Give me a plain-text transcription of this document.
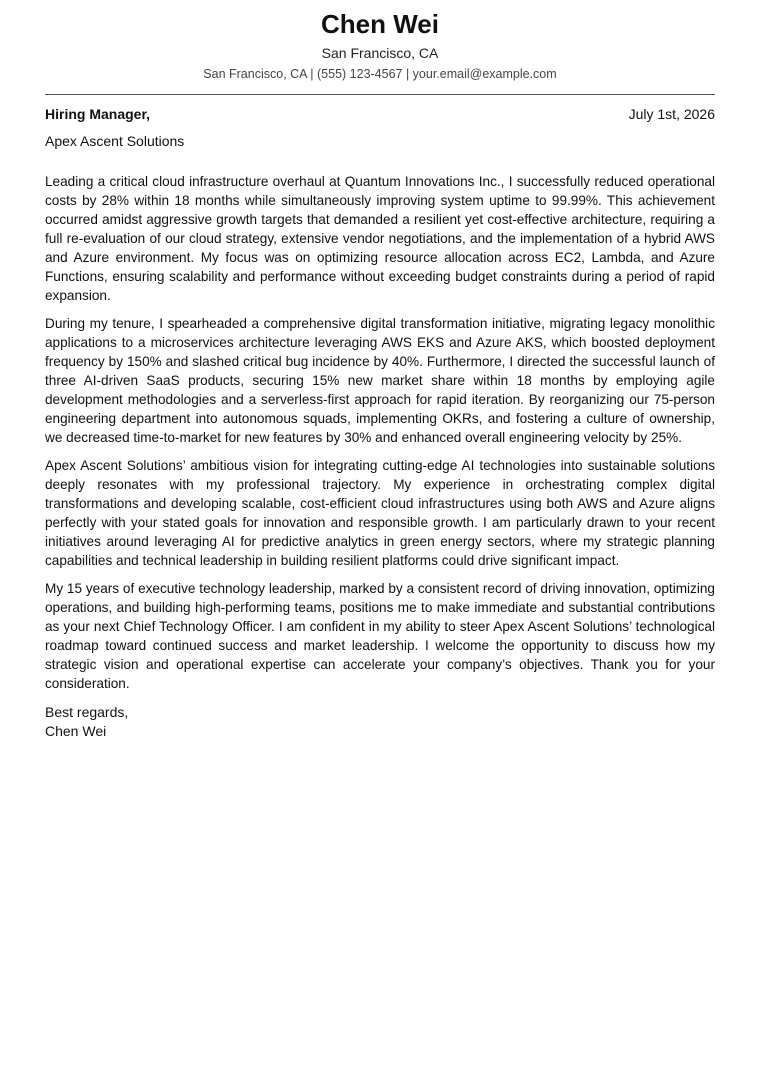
Chen Wei
San Francisco, CA
San Francisco, CA | (555) 123-4567 | your.email@example.com
Hiring Manager,	July 1st, 2026
Apex Ascent Solutions

Leading a critical cloud infrastructure overhaul at Quantum Innovations Inc., I successfully reduced operational costs by 28% within 18 months while simultaneously improving system uptime to 99.99%. This achievement occurred amidst aggressive growth targets that demanded a resilient yet cost-effective architecture, requiring a full re-evaluation of our cloud strategy, extensive vendor negotiations, and the implementation of a hybrid AWS and Azure environment. My focus was on optimizing resource allocation across EC2, Lambda, and Azure Functions, ensuring scalability and performance without exceeding budget constraints during a period of rapid expansion.

During my tenure, I spearheaded a comprehensive digital transformation initiative, migrating legacy monolithic applications to a microservices architecture leveraging AWS EKS and Azure AKS, which boosted deployment frequency by 150% and slashed critical bug incidence by 40%. Furthermore, I directed the successful launch of three AI-driven SaaS products, securing 15% new market share within 18 months by employing agile development methodologies and a serverless-first approach for rapid iteration. By reorganizing our 75-person engineering department into autonomous squads, implementing OKRs, and fostering a culture of ownership, we decreased time-to-market for new features by 30% and enhanced overall engineering velocity by 25%.

Apex Ascent Solutions’ ambitious vision for integrating cutting-edge AI technologies into sustainable solutions deeply resonates with my professional trajectory. My experience in orchestrating complex digital transformations and developing scalable, cost-efficient cloud infrastructures using both AWS and Azure aligns perfectly with your stated goals for innovation and responsible growth. I am particularly drawn to your recent initiatives around leveraging AI for predictive analytics in green energy sectors, where my strategic planning capabilities and technical leadership in building resilient platforms could drive significant impact.

My 15 years of executive technology leadership, marked by a consistent record of driving innovation, optimizing operations, and building high-performing teams, positions me to make immediate and substantial contributions as your next Chief Technology Officer. I am confident in my ability to steer Apex Ascent Solutions’ technological roadmap toward continued success and market leadership. I welcome the opportunity to discuss how my strategic vision and operational expertise can accelerate your company’s objectives. Thank you for your consideration.

Best regards,
Chen Wei
